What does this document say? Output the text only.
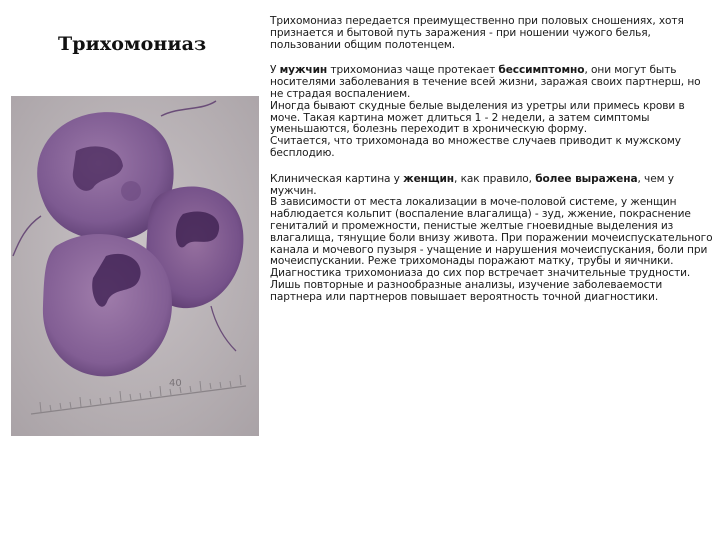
Трихомониаз
40

Трихомониаз передается преимущественно при половых сношениях, хотя признается и бытовой путь заражения - при ношении чужого белья, пользовании общим полотенцем.

У мужчин трихомониаз чаще протекает бессимптомно, они могут быть носителями заболевания в течение всей жизни, заражая своих партнерш, но не страдая воспалением.

Иногда бывают скудные белые выделения из уретры или примесь крови в моче. Такая картина может длиться 1 - 2 недели, а затем симптомы уменьшаются, болезнь переходит в хроническую форму.

Считается, что трихомонада во множестве случаев приводит к мужскому бесплодию.

Клиническая картина у женщин, как правило, более выражена, чем у мужчин.

В зависимости от места локализации в моче-половой системе, у женщин наблюдается кольпит (воспаление влагалища) - зуд, жжение, покраснение гениталий и промежности, пенистые желтые гноевидные выделения из влагалища, тянущие боли внизу живота. При поражении мочеиспускательного канала и мочевого пузыря - учащение и нарушения мочеиспускания, боли при мочеиспускании. Реже трихомонады поражают матку, трубы и яичники.

Диагностика трихомониаза до сих пор встречает значительные трудности. Лишь повторные и разнообразные анализы, изучение заболеваемости партнера или партнеров повышает вероятность точной диагностики.
